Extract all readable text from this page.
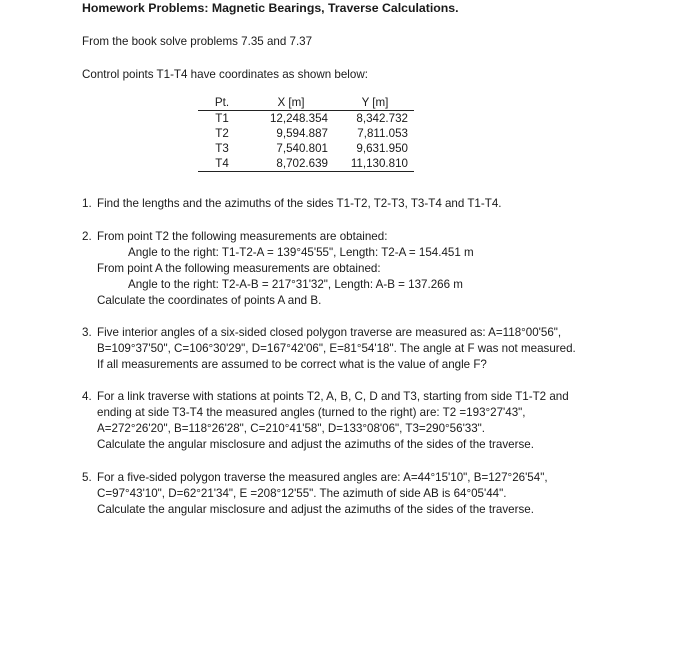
Homework Problems: Magnetic Bearings, Traverse Calculations.
From the book solve problems 7.35 and 7.37
Control points T1-T4 have coordinates as shown below:
Pt.	X [m]	Y [m]
T1	12,248.354	8,342.732
T2	9,594.887	7,811.053
T3	7,540.801	9,631.950
T4	8,702.639	11,130.810
1. Find the lengths and the azimuths of the sides T1-T2, T2-T3, T3-T4 and T1-T4.
2. From point T2 the following measurements are obtained:
Angle to the right: T1-T2-A = 139°45'55", Length: T2-A = 154.451 m
From point A the following measurements are obtained:
Angle to the right: T2-A-B = 217°31'32", Length: A-B = 137.266 m
Calculate the coordinates of points A and B.
3. Five interior angles of a six-sided closed polygon traverse are measured as: A=118°00'56",
B=109°37'50", C=106°30'29", D=167°42'06", E=81°54'18". The angle at F was not measured.
If all measurements are assumed to be correct what is the value of angle F?
4. For a link traverse with stations at points T2, A, B, C, D and T3, starting from side T1-T2 and
ending at side T3-T4 the measured angles (turned to the right) are: T2 =193°27'43",
A=272°26'20", B=118°26'28", C=210°41'58", D=133°08'06", T3=290°56'33".
Calculate the angular misclosure and adjust the azimuths of the sides of the traverse.
5. For a five-sided polygon traverse the measured angles are: A=44°15'10", B=127°26'54",
C=97°43'10", D=62°21'34", E =208°12'55". The azimuth of side AB is 64°05'44".
Calculate the angular misclosure and adjust the azimuths of the sides of the traverse.
